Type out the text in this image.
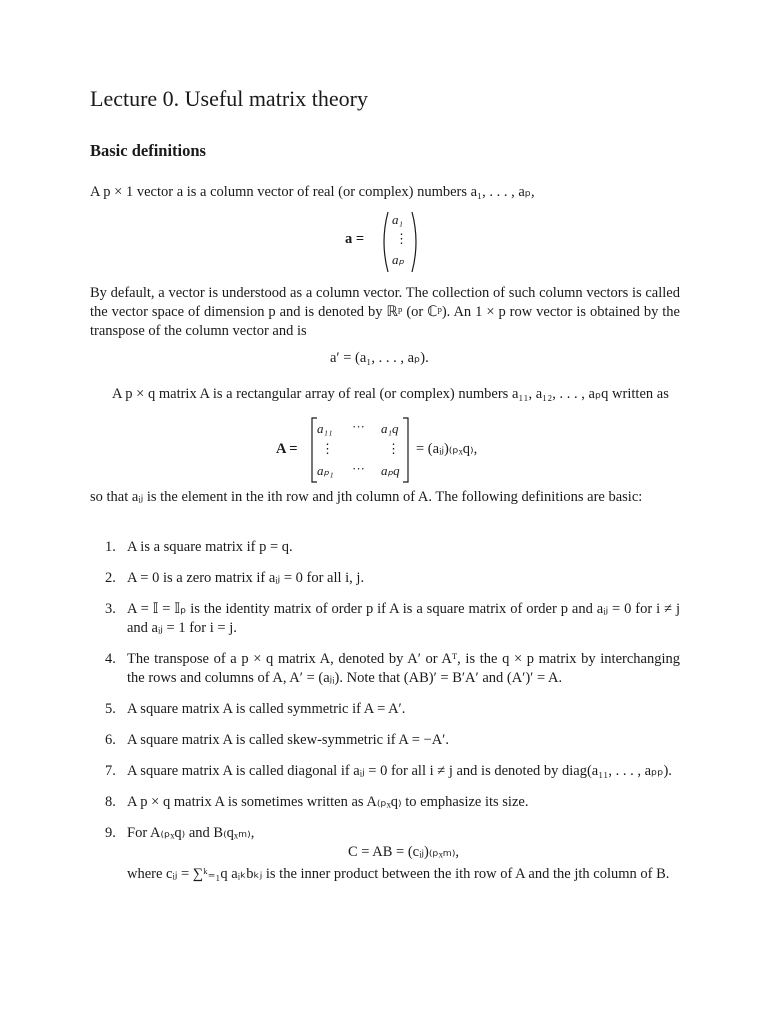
Lecture 0. Useful matrix theory
Basic definitions
A p × 1 vector a is a column vector of real (or complex) numbers a₁, . . . , aₚ,
a =
a₁
⋮
aₚ
By default, a vector is understood as a column vector. The collection of such column vectors is called the vector space of dimension p and is denoted by ℝᵖ (or ℂᵖ). An 1 × p row vector is obtained by the transpose of the column vector and is
a′ = (a₁, . . . , aₚ).
A p × q matrix A is a rectangular array of real (or complex) numbers a₁₁, a₁₂, . . . , aₚq written as
A =
a₁₁ ··· a₁q
⋮	⋮
aₚ₁ ··· aₚq
= (aᵢⱼ)₍ₚₓq₎,
so that aᵢⱼ is the element in the ith row and jth column of A. The following definitions are basic:
1. A is a square matrix if p = q.
2. A = 0 is a zero matrix if aᵢⱼ = 0 for all i, j.
3. A = 𝕀 = 𝕀ₚ is the identity matrix of order p if A is a square matrix of order p and aᵢⱼ = 0 for i ≠ j and aᵢⱼ = 1 for i = j.
4. The transpose of a p × q matrix A, denoted by A′ or Aᵀ, is the q × p matrix by interchanging the rows and columns of A, A′ = (aⱼᵢ). Note that (AB)′ = B′A′ and (A′)′ = A.
5. A square matrix A is called symmetric if A = A′.
6. A square matrix A is called skew-symmetric if A = −A′.
7. A square matrix A is called diagonal if aᵢⱼ = 0 for all i ≠ j and is denoted by diag(a₁₁, . . . , aₚₚ).
8. A p × q matrix A is sometimes written as A₍ₚₓq₎ to emphasize its size.
9. For A₍ₚₓq₎ and B₍qₓₘ₎,
C = AB = (cᵢⱼ)₍ₚₓₘ₎,
where cᵢⱼ = ∑ᵏ₌₁q aᵢₖbₖⱼ is the inner product between the ith row of A and the jth column of B.
